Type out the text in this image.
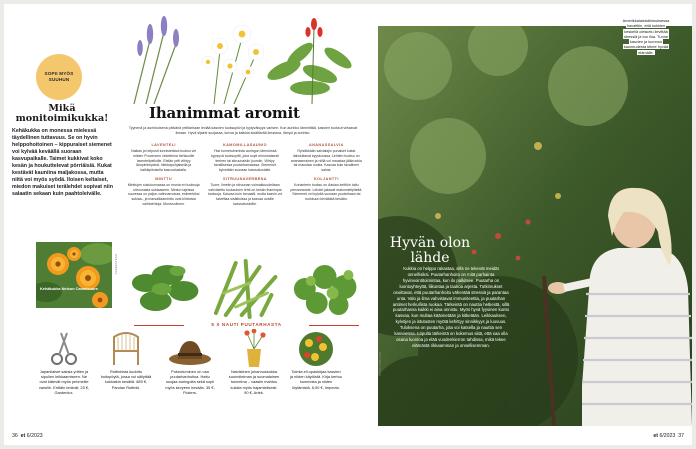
SOPII MYÖS SUUHUN
Mikä monitoimikukka!
Kehäkukka on monessa mielessä täydellinen tuttavuus. Se on hyvin helppohoitoinen – kippuraiset siemenet voi kylvää keväällä suoraan kasvupaikalle. Taimet kukkivat koko kesän ja houkuttelevat pörriäisiä. Kukat kestävät kauniina maljakossa, mutta niitä voi myös syödä. Iloisen keltaiset, miedon makuiset terälehdet sopivat niin salaatin sekaan kuin paahtoleivälle.
Kehäkukka Nelson Camelcuore
GARDENTEAM
Ihanimmat aromit
Tyynenä ja aurinkoisena päivänä yrttitarhaan leviää kasvien tuoksupilvi ja tyytyväisyys varisee. Kun aurinko lämmittää, kasvien tuoksut virtaavat ilmaan. Hyvä sijainti suojassa, kuivat ja kalkkia sisältävää ilmastoa, lämpö ja aurinko.
LAVENTELI
Naikas ja helposti tunnistettava tuoksu vie mielen Provencen violetteina hehkuville laventelipelloille. Etelän yrtti viihtyy lämpimimpänä, hiekkapohjaisella ja kalkkipitoisella kasvualustalla.
KAMOMILLASAUNIO
Yksi tunnetuimmista auringon lämmössä kypsyvä tuoksuyrtti, joka sopii erinomaisesti teehen tai sitruunaisiin juomiin. Viihtyy tavallisessa puutarhamaassa. Siemenet kylvetään suoraan kasvualustalle.
ANANASSALVIA
Ryhdikkään salvialajin punaiset kukat ilahduttavat syyskuussa. Lehtien tuoksu on ananasmainen ja niillä voi maustaa jälkiruokia tai maustaa ruokia. Kasvaa kuin tavallinen salvia.
MINTTU
Minttujen sukukunnassa on monia eri tuoksuja sitruunasta suklaaseen. Mintun lajeissa suuressa on paljon valinnanvaraa, esimerkiksi suklaa-, ja marsalkkaminttu ovat kiintoisia vaihtoehtoja. Monivuotinen.
SITRUUNAVERBENA
Tuore, limetin ja sitruunan voimakkuudeltaan vahvistettu tuoksuinen lehti on kesän ihanimpia tuoksuja. Kasvaa kuin tomaatti, mutta kasvin voi talvettaa sisätiloissa ja kasvaa uusille kasvualustoille.
KOLJANTTI
Korianterin tuoksu on Aasian keittiön tuttu perusmauste. Lehdet jakavat makumielipiteitä. Siemenet voi kylvää suoraan puutarhaan tai ruukkuun keväästä kesään.
5 X NAUTI PUUTARHASTA
Japanilaiset saksia yrttien ja sipulien leikkaamiseen. Ne ovat kätevät myös pehmeille varsille. Erittäin terävät, 25 €, Gardenlux.
Rottinkista kudottu hoitopöytä, jossa voi säilyttää kukkiakin kesällä. 689 €, Parolan Rottinki.
Pukeutuminen on osa puutarhanhoitoa. Hattu suojaa auringolta sekä sopii myös kevyeen kesään. 35 €, Flokers.
Naivistinen juhannuskukka suunnitelman ja suomalainen tunnelma – vaasiin mahtuu kukkia myös hajamielisesti. 90 €, Artek.
Toimia eli opaskirjaa kasvien ja niiden käytöstä. Kirja kertoo luonnosta ja niiden löytämistä, 6,50 €, Impecta.
36 et 6/2023
Amerikkalaistutkimuksessa havaittiin, että kukkien keskellä oleskelu lievittää stressiä ja tuo iloa. Tunne kasvien ja luonnon kauneudesta tekee hyvää elämälle.
Hyvän olon lähde
Kukkia on helppo rakastaa, sillä ne tekevät meidät onnellisiksi. Puutarhanhoito on mitä parhainta hyvinvointitoimintaa, kun ilo palkitsee. Puutarha on luontoyhteyttä, liikuntaa ja taukoa arjesta. Tutkimukset osoittavat, että puutarhanhoito vähentää stressiä ja parantaa unta. Valo ja ilma vahvistavat immuniteettia, ja puutarhan antimet herkullista ruokaa. Tärkeintä on nauttia hetkestä, sillä puutarhassa kaikki ei aina onnistu. Myös hyvä fyysinen kunto kasvaa, kun multaa käännetään ja kitketään. Leikkauksen, kylvöjen ja istutusten myötä kehittyy sinnikkyys ja luovuus. Tuloksena on puutarha, jota voi katsella ja nauttia sen kasvaessa. Lopulta tärkeintä on kokemus siitä, että saa olla osana luontoa ja elää vuodenkierron tahdissa, mikä tekee elämästä rikkaamman ja onnellisemman.
TEKSTI ANNE LIND
et 6/2023 37
